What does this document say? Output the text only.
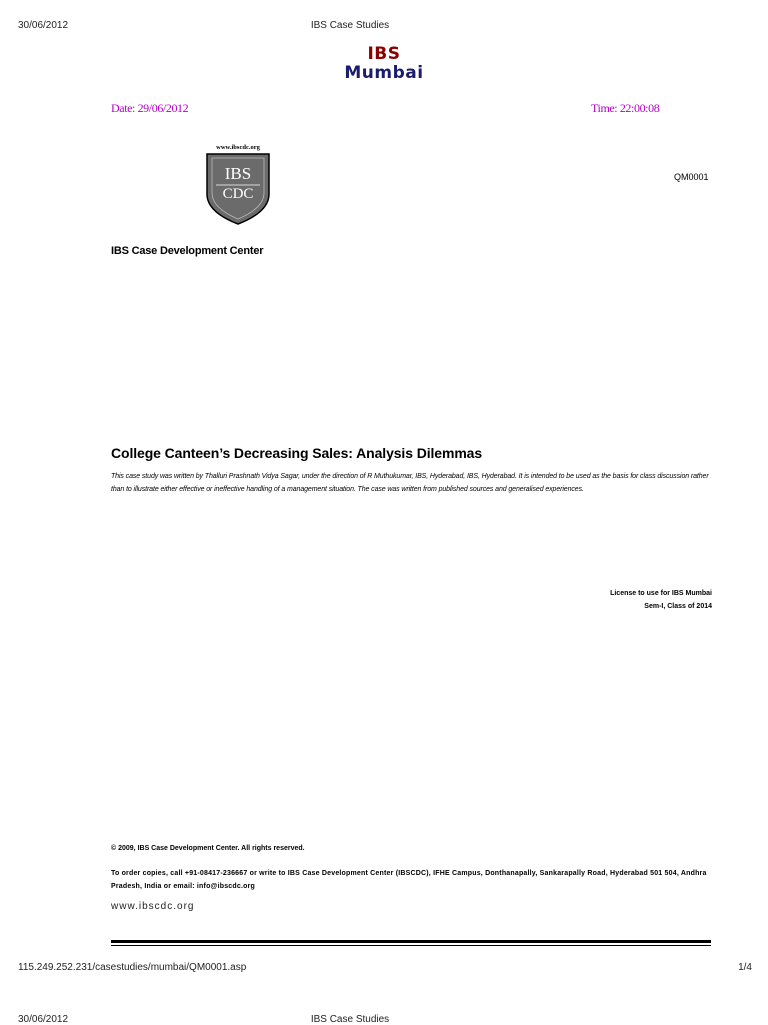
30/06/2012	IBS Case Studies
IBS
Mumbai
Date: 29/06/2012	Time: 22:00:08
www.ibscdc.org
IBS
CDC
QM0001
IBS Case Development Center
College Canteen’s Decreasing Sales: Analysis Dilemmas
This case study was written by Thalluri Prashnath Vidya Sagar, under the direction of R Muthukumar, IBS, Hyderabad, IBS, Hyderabad. It is intended to be used as the basis for class discussion rather than to illustrate either effective or ineffective handling of a management situation. The case was written from published sources and generalised experiences.
License to use for IBS Mumbai
Sem-I, Class of 2014
© 2009, IBS Case Development Center. All rights reserved.
To order copies, call +91-08417-236667 or write to IBS Case Development Center (IBSCDC), IFHE Campus, Donthanapally, Sankarapally Road, Hyderabad 501 504, Andhra Pradesh, India or email: info@ibscdc.org
www.ibscdc.org
115.249.252.231/casestudies/mumbai/QM0001.asp	1/4
30/06/2012	IBS Case Studies
